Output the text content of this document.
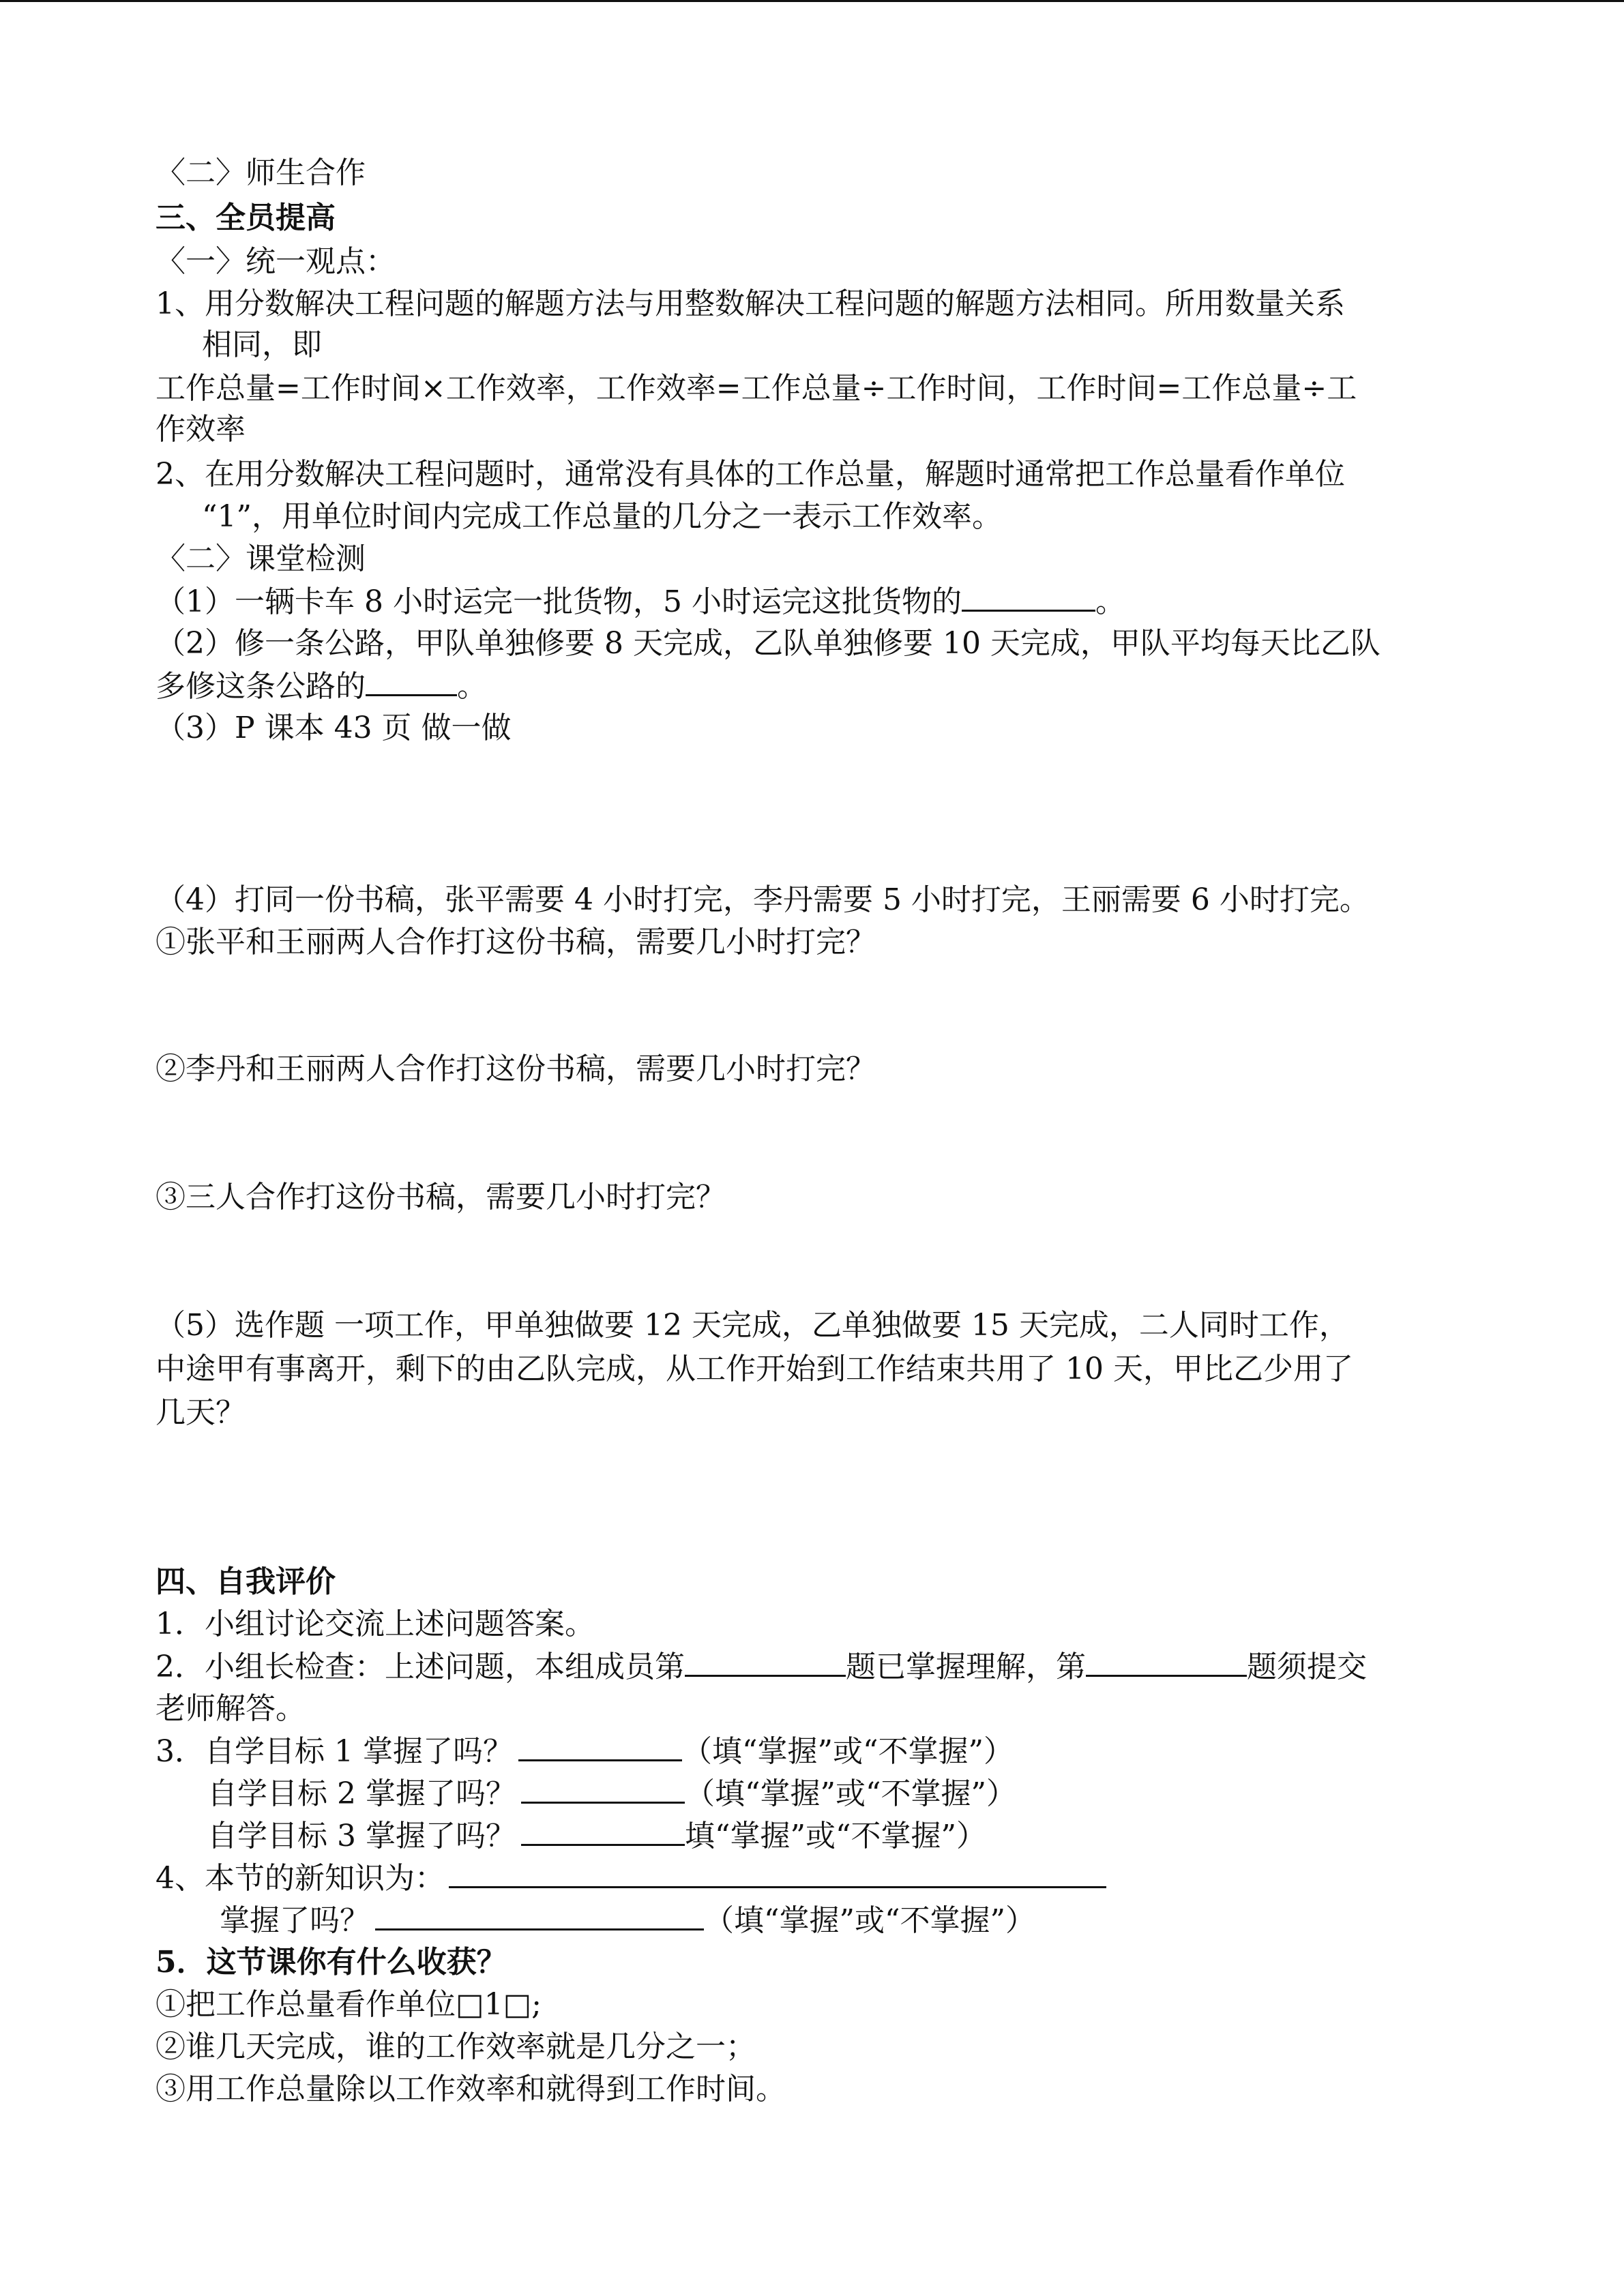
〈二〉师生合作
三、全员提高
〈一〉统一观点：
1、用分数解决工程问题的解题方法与用整数解决工程问题的解题方法相同。所用数量关系
相同，即
工作总量=工作时间×工作效率，工作效率=工作总量÷工作时间，工作时间=工作总量÷工
作效率
2、在用分数解决工程问题时，通常没有具体的工作总量，解题时通常把工作总量看作单位
“1”，用单位时间内完成工作总量的几分之一表示工作效率。
〈二〉课堂检测
（1）一辆卡车 8 小时运完一批货物，5 小时运完这批货物的	。
（2）修一条公路，甲队单独修要 8 天完成，乙队单独修要 10 天完成，甲队平均每天比乙队
多修这条公路的	。
（3）P 课本 43 页 做一做
（4）打同一份书稿，张平需要 4 小时打完，李丹需要 5 小时打完，王丽需要 6 小时打完。
①张平和王丽两人合作打这份书稿，需要几小时打完？
②李丹和王丽两人合作打这份书稿，需要几小时打完？
③三人合作打这份书稿，需要几小时打完？
（5）选作题 一项工作，甲单独做要 12 天完成，乙单独做要 15 天完成，二人同时工作，
中途甲有事离开，剩下的由乙队完成，从工作开始到工作结束共用了 10 天，甲比乙少用了
几天？
四、自我评价
1．小组讨论交流上述问题答案。
2．小组长检查：上述问题，本组成员第	题已掌握理解，第	题须提交
老师解答。
3．自学目标 1 掌握了吗？	（填“掌握”或“不掌握”）
自学目标 2 掌握了吗？	（填“掌握”或“不掌握”）
自学目标 3 掌握了吗？	填“掌握”或“不掌握”）
4、本节的新知识为：
掌握了吗？	（填“掌握”或“不掌握”）
5．这节课你有什么收获？
①把工作总量看作单位□1□;
②谁几天完成，谁的工作效率就是几分之一；
③用工作总量除以工作效率和就得到工作时间。
